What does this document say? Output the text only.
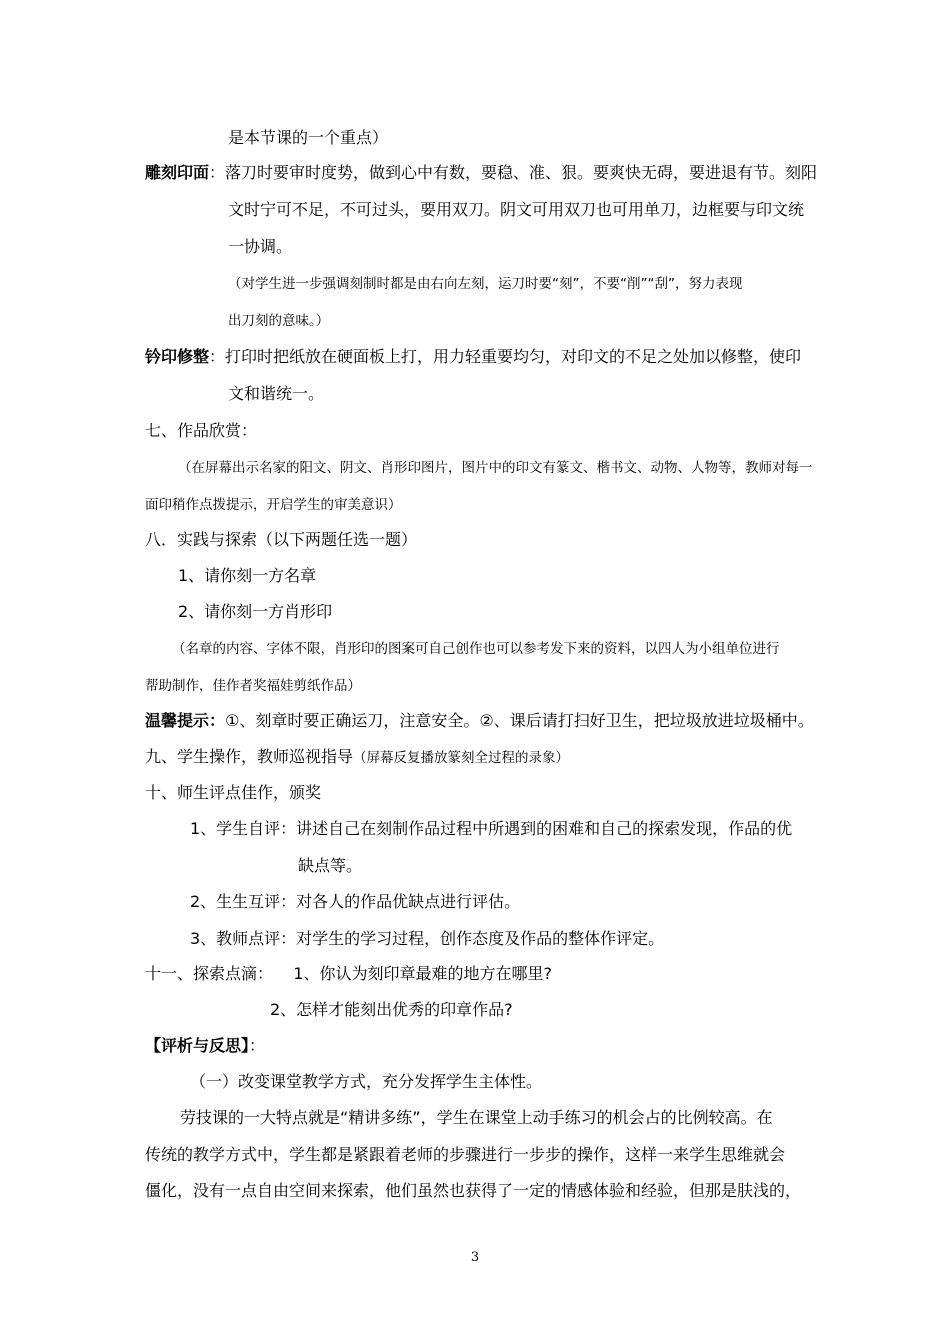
是本节课的一个重点）
雕刻印面：落刀时要审时度势，做到心中有数，要稳、准、狠。要爽快无碍，要进退有节。刻阳
文时宁可不足，不可过头，要用双刀。阴文可用双刀也可用单刀，边框要与印文统
一协调。
（对学生进一步强调刻制时都是由右向左刻，运刀时要“刻”，不要“削”“刮”，努力表现
出刀刻的意味。）
钤印修整：打印时把纸放在硬面板上打，用力轻重要均匀，对印文的不足之处加以修整，使印
文和谐统一。
七、作品欣赏：
（在屏幕出示名家的阳文、阴文、肖形印图片，图片中的印文有篆文、楷书文、动物、人物等，教师对每一
面印稍作点拨提示，开启学生的审美意识）
八．实践与探索（以下两题任选一题）
1、请你刻一方名章
2、请你刻一方肖形印
（名章的内容、字体不限，肖形印的图案可自己创作也可以参考发下来的资料，以四人为小组单位进行
帮助制作，佳作者奖福娃剪纸作品）
温馨提示：①、刻章时要正确运刀，注意安全。②、课后请打扫好卫生，把垃圾放进垃圾桶中。
九、学生操作，教师巡视指导（屏幕反复播放篆刻全过程的录象）
十、师生评点佳作，颁奖
1、学生自评：讲述自己在刻制作品过程中所遇到的困难和自己的探索发现，作品的优
缺点等。
2、生生互评：对各人的作品优缺点进行评估。
3、教师点评：对学生的学习过程，创作态度及作品的整体作评定。
十一、探索点滴：    1、你认为刻印章最难的地方在哪里?
2、怎样才能刻出优秀的印章作品?
【评析与反思】：
（一）改变课堂教学方式，充分发挥学生主体性。
劳技课的一大特点就是“精讲多练”，学生在课堂上动手练习的机会占的比例较高。在
传统的教学方式中，学生都是紧跟着老师的步骤进行一步步的操作，这样一来学生思维就会
僵化，没有一点自由空间来探索，他们虽然也获得了一定的情感体验和经验，但那是肤浅的，
3
